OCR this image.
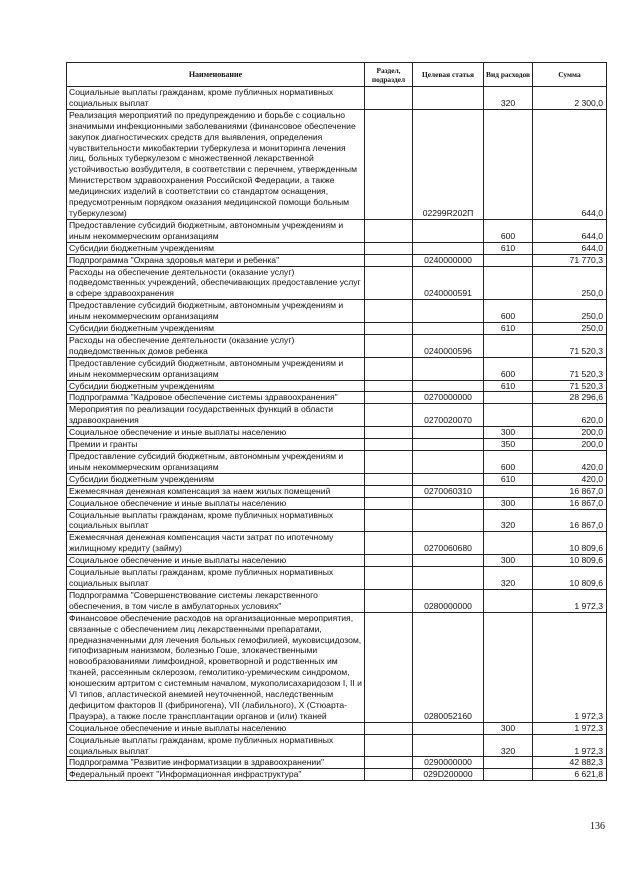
Наименование	Раздел, подраздел	Целевая статья	Вид расходов	Сумма
Социальные выплаты гражданам, кроме публичных нормативных социальных выплат			320	2 300,0
Реализация мероприятий по предупреждению и борьбе с социально значимыми инфекционными заболеваниями (финансовое обеспечение закупок диагностических средств для выявления, определения чувствительности микобактерии туберкулеза и мониторинга лечения лиц, больных туберкулезом с множественной лекарственной устойчивостью возбудителя, в соответствии с перечнем, утвержденным Министерством здравоохранения Российской Федерации, а также медицинских изделий в соответствии со стандартом оснащения, предусмотренным порядком оказания медицинской помощи больным туберкулезом)		02299R202П		644,0
Предоставление субсидий бюджетным, автономным учреждениям и иным некоммерческим организациям			600	644,0
Субсидии бюджетным учреждениям			610	644,0
Подпрограмма "Охрана здоровья матери и ребенка"		0240000000		71 770,3
Расходы на обеспечение деятельности (оказание услуг) подведомственных учреждений, обеспечивающих предоставление услуг в сфере здравоохранения		0240000591		250,0
Предоставление субсидий бюджетным, автономным учреждениям и иным некоммерческим организациям			600	250,0
Субсидии бюджетным учреждениям			610	250,0
Расходы на обеспечение деятельности (оказание услуг) подведомственных домов ребенка		0240000596		71 520,3
Предоставление субсидий бюджетным, автономным учреждениям и иным некоммерческим организациям			600	71 520,3
Субсидии бюджетным учреждениям			610	71 520,3
Подпрограмма "Кадровое обеспечение системы здравоохранения"		0270000000		28 296,6
Мероприятия по реализации государственных функций в области здравоохранения		0270020070		620,0
Социальное обеспечение и иные выплаты населению			300	200,0
Премии и гранты			350	200,0
Предоставление субсидий бюджетным, автономным учреждениям и иным некоммерческим организациям			600	420,0
Субсидии бюджетным учреждениям			610	420,0
Ежемесячная денежная компенсация за наем жилых помещений		0270060310		16 867,0
Социальное обеспечение и иные выплаты населению			300	16 867,0
Социальные выплаты гражданам, кроме публичных нормативных социальных выплат			320	16 867,0
Ежемесячная денежная компенсация части затрат по ипотечному жилищному кредиту (займу)		0270060680		10 809,6
Социальное обеспечение и иные выплаты населению			300	10 809,6
Социальные выплаты гражданам, кроме публичных нормативных социальных выплат			320	10 809,6
Подпрограмма "Совершенствование системы лекарственного обеспечения, в том числе в амбулаторных условиях"		0280000000		1 972,3
Финансовое обеспечение расходов на организационные мероприятия, связанные с обеспечением лиц лекарственными препаратами, предназначенными для лечения больных гемофилией, муковисцидозом, гипофизарным нанизмом, болезнью Гоше, злокачественными новообразованиями лимфоидной, кроветворной и родственных им тканей, рассеянным склерозом, гемолитико-уремическим синдромом, юношеским артритом с системным началом, мукополисахаридозом I, II и VI типов, апластической анемией неуточненной, наследственным дефицитом факторов II (фибриногена), VII (лабильного), Х (Стюарта-Прауэра), а также после трансплантации органов и (или) тканей		0280052160		1 972,3
Социальное обеспечение и иные выплаты населению			300	1 972,3
Социальные выплаты гражданам, кроме публичных нормативных социальных выплат			320	1 972,3
Подпрограмма "Развитие информатизации в здравоохранении"		0290000000		42 882,3
Федеральный проект "Информационная инфраструктура"		029D200000		6 621,8
136
